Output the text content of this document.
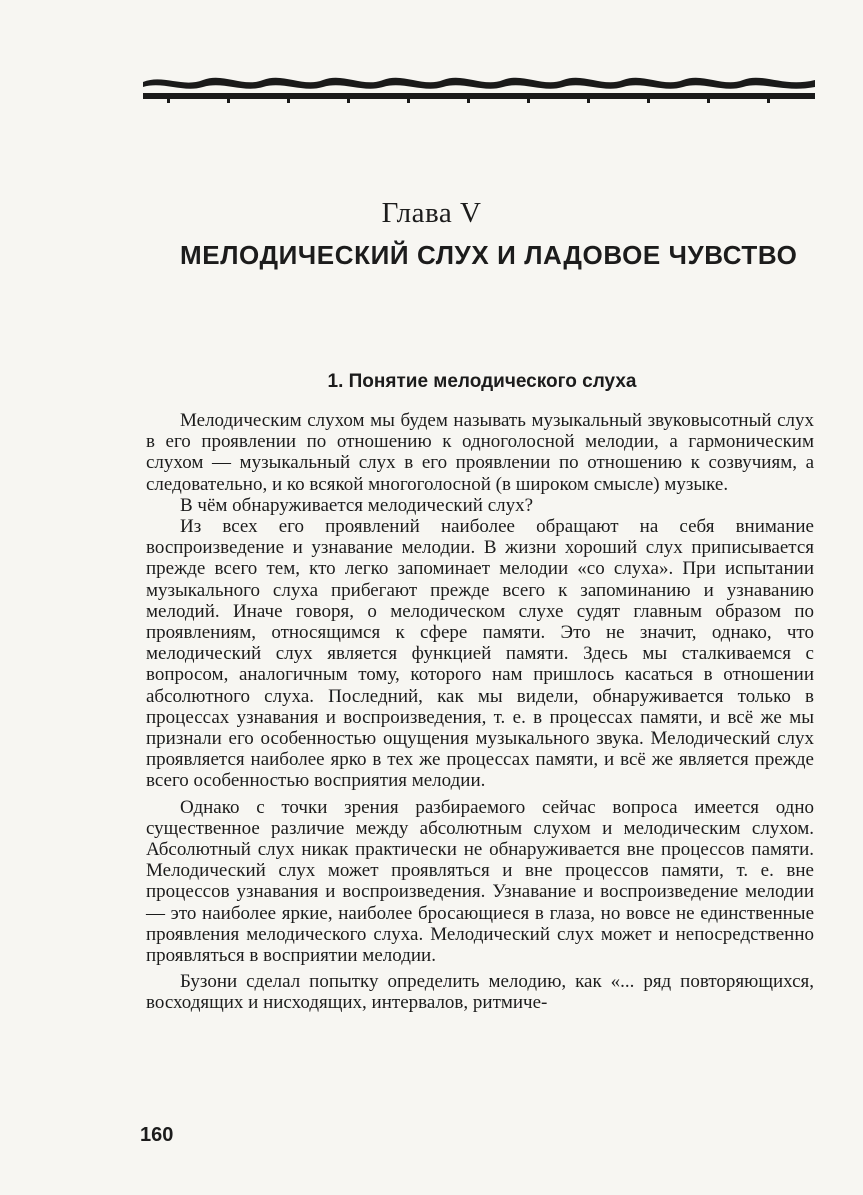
Глава V
МЕЛОДИЧЕСКИЙ СЛУХ И ЛАДОВОЕ ЧУВСТВО
1. Понятие мелодического слуха

Мелодическим слухом мы будем называть музыкальный звуковысотный слух в его проявлении по отношению к одноголосной мелодии, а гармоническим слухом — музыкальный слух в его проявлении по отношению к созвучиям, а следовательно, и ко всякой многоголосной (в широком смысле) музыке.

В чём обнаруживается мелодический слух?

Из всех его проявлений наиболее обращают на себя внимание воспроизведение и узнавание мелодии. В жизни хороший слух приписывается прежде всего тем, кто легко запоминает мелодии «со слуха». При испытании музыкального слуха прибегают прежде всего к запоминанию и узнаванию мелодий. Иначе говоря, о мелодическом слухе судят главным образом по проявлениям, относящимся к сфере памяти. Это не значит, однако, что мелодический слух является функцией памяти. Здесь мы сталкиваемся с вопросом, аналогичным тому, которого нам пришлось касаться в отношении абсолютного слуха. Последний, как мы видели, обнаруживается только в процессах узнавания и воспроизведения, т. е. в процессах памяти, и всё же мы признали его особенностью ощущения музыкального звука. Мелодический слух проявляется наиболее ярко в тех же процессах памяти, и всё же является прежде всего особенностью восприятия мелодии.

Однако с точки зрения разбираемого сейчас вопроса имеется одно существенное различие между абсолютным слухом и мелодическим слухом. Абсолютный слух никак практически не обнаруживается вне процессов памяти. Мелодический слух может проявляться и вне процессов памяти, т. е. вне процессов узнавания и воспроизведения. Узнавание и воспроизведение мелодии — это наиболее яркие, наиболее бросающиеся в глаза, но вовсе не единственные проявления мелодического слуха. Мелодический слух может и непосредственно проявляться в восприятии мелодии.

Бузони сделал попытку определить мелодию, как «... ряд повторяющихся, восходящих и нисходящих, интервалов, ритмиче-

160
